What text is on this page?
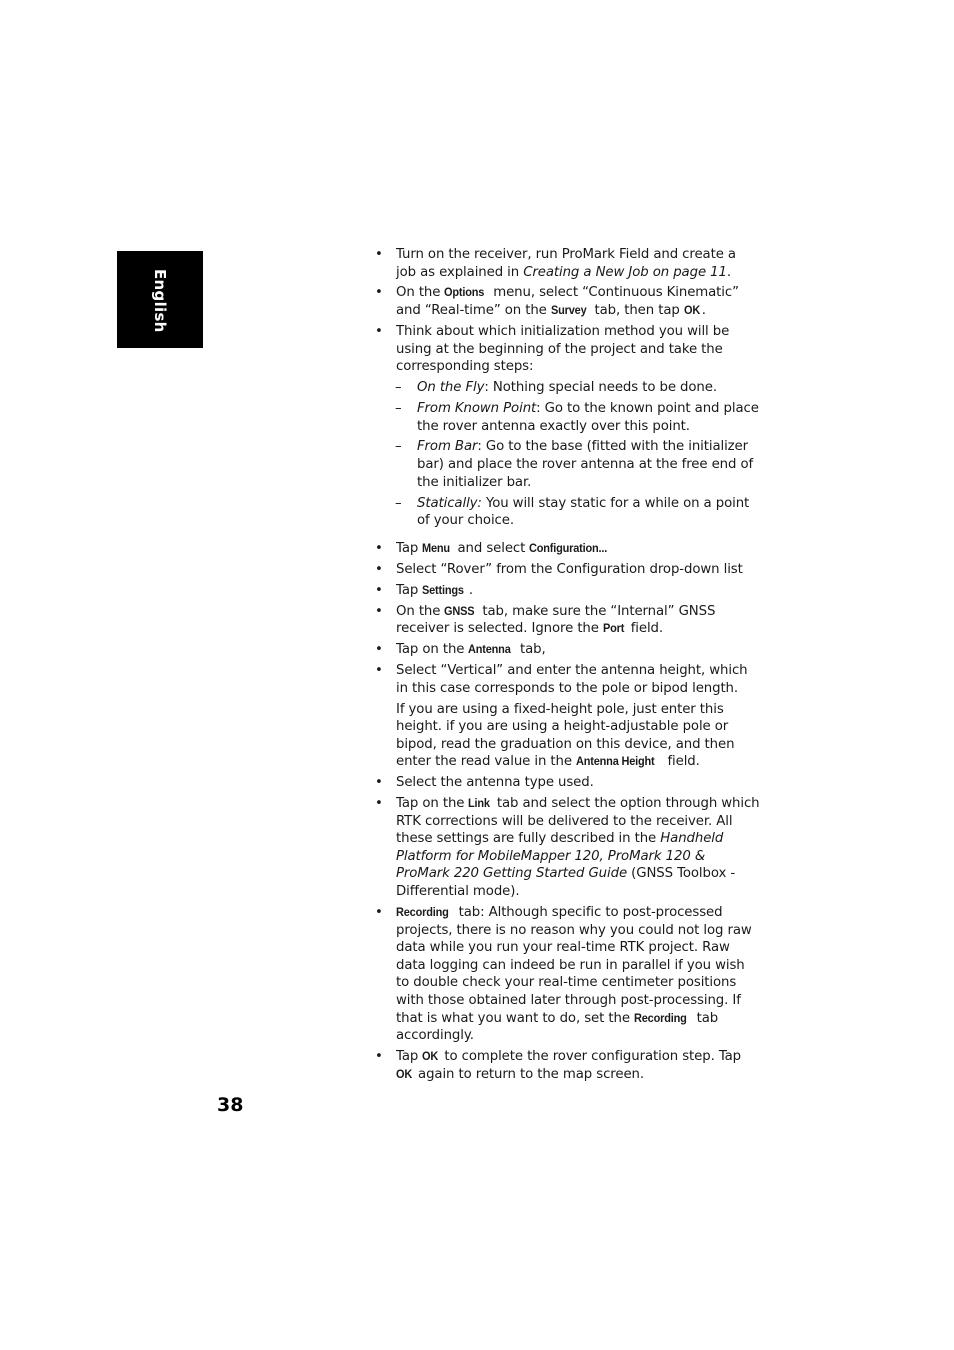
English
• Turn on the receiver, run ProMark Field and create a job as explained in Creating a New Job on page 11.
• On the Options menu, select “Continuous Kinematic” and “Real-time” on the Survey tab, then tap OK .
• Think about which initialization method you will be using at the beginning of the project and take the corresponding steps:
– On the Fly: Nothing special needs to be done.
– From Known Point: Go to the known point and place the rover antenna exactly over this point.
– From Bar: Go to the base (fitted with the initializer bar) and place the rover antenna at the free end of the initializer bar.
– Statically: You will stay static for a while on a point of your choice.
• Tap Menu and select Configuration...
• Select “Rover” from the Configuration drop-down list
• Tap Settings .
• On the GNSS tab, make sure the “Internal” GNSS receiver is selected. Ignore the Port field.
• Tap on the Antenna tab,
• Select “Vertical” and enter the antenna height, which in this case corresponds to the pole or bipod length.
If you are using a fixed-height pole, just enter this height. if you are using a height-adjustable pole or bipod, read the graduation on this device, and then enter the read value in the Antenna Height field.
• Select the antenna type used.
• Tap on the Link tab and select the option through which RTK corrections will be delivered to the receiver. All these settings are fully described in the Handheld Platform for MobileMapper 120, ProMark 120 & ProMark 220 Getting Started Guide (GNSS Toolbox - Differential mode).
• Recording tab: Although specific to post-processed projects, there is no reason why you could not log raw data while you run your real-time RTK project. Raw data logging can indeed be run in parallel if you wish to double check your real-time centimeter positions with those obtained later through post-processing. If that is what you want to do, set the Recording tab accordingly.
• Tap OK to complete the rover configuration step. Tap OK again to return to the map screen.
38
